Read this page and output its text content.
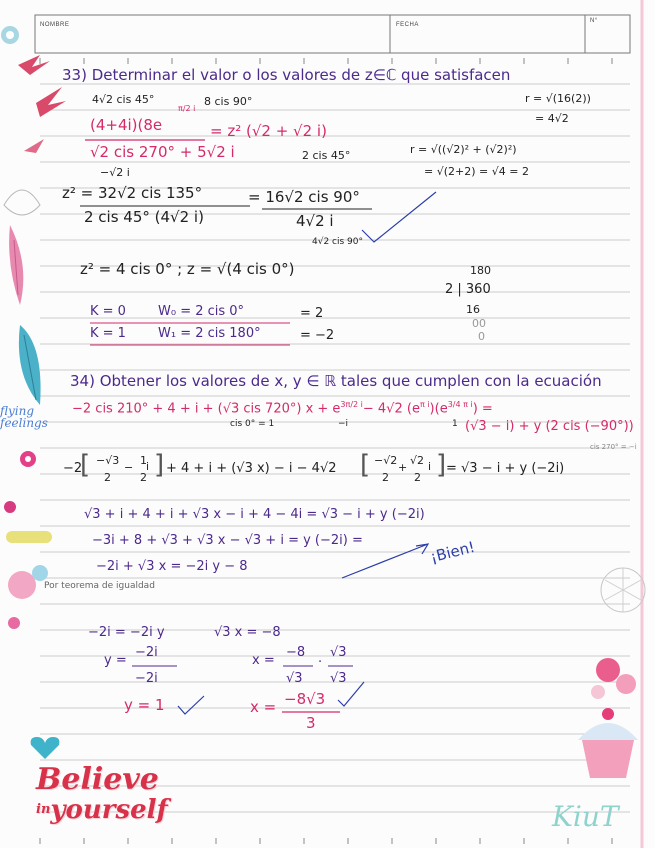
NOMBRE	FECHA
N°
flying
feelings
Believe
inyourself	KiuT
33) Determinar el valor o los valores de z∈ℂ que satisfacen
4√2 cis 45°	8 cis 90°
π/2 i
(4+4i)(8e	= z² (√2 + √2 i)
√2 cis 270° + 5√2 i
−√2 i
2 cis 45°
r = √(16(2))
= 4√2
r = √((√2)² + (√2)²)
= √(2+2) = √4 = 2
z² = 32√2 cis 135°
2 cis 45° (4√2 i)
= 16√2 cis 90°
4√2 i
4√2 cis 90°
z² = 4 cis 0° ; z = √(4 cis 0°)	180
2 | 360
16
00
0
K = 0 W₀ = 2 cis 0°	= 2
K = 1 W₁ = 2 cis 180°	= −2
34) Obtener los valores de x, y ∈ ℝ tales que cumplen con la ecuación
−2 cis 210° + 4 + i + (√3 cis 720°) $x + e^{3\pi/2 i}- 4√2$ $(e^{\pi i})(e^{3/4 \pi i})$ =
cis 0° = 1	−i	1 (√3 − i) + y (2 cis (−90°))
cis 270° = −i
−2
[ −√3
2
−
1
2
i ] + 4 + i + (√3 x) − i − 4√2 [ −√2
2
+
√2
2
i ] = √3 − i + y (−2i)
√3 + i + 4 + i + √3 x − i + 4 − 4i = √3 − i + y (−2i)
−3i + 8 + √3 + √3 x − √3 + i = y (−2i) =
−2i + √3 x = −2i y − 8
Por teorema de igualdad
¡Bien!
−2i = −2i y	√3 x = −8
y =
−2i
−2i
x =
−8
√3
·
√3
√3
y = 1	x = −8√3
3
